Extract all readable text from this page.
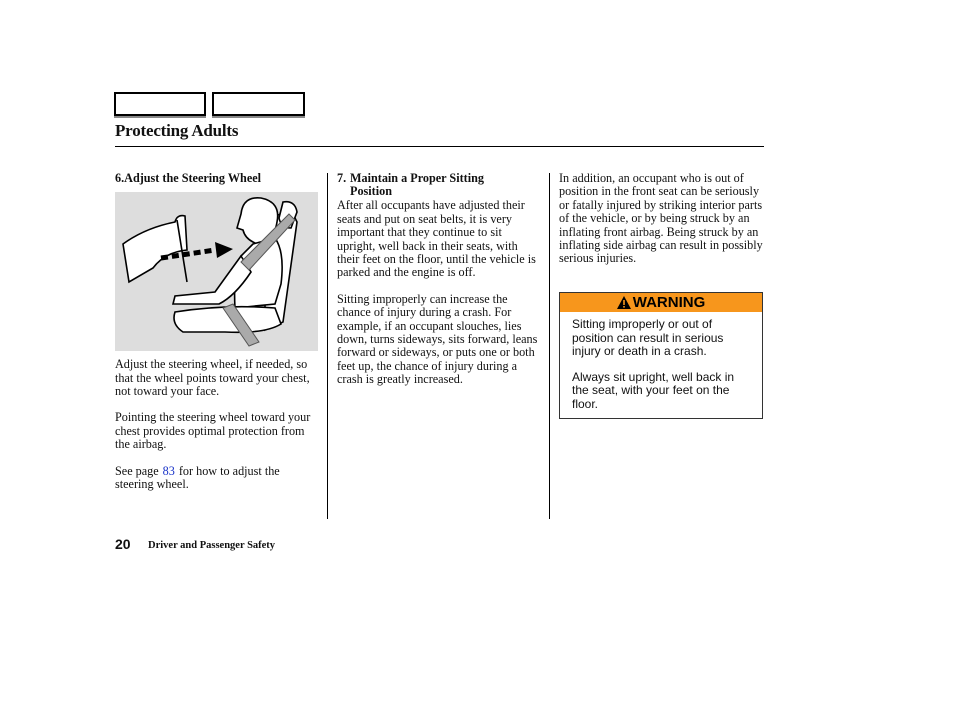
Protecting Adults
6.Adjust the Steering Wheel

Adjust the steering wheel, if needed, so that the wheel points toward your chest, not toward your face.

Pointing the steering wheel toward your chest provides optimal protection from the airbag.

See page 83 for how to adjust the steering wheel.

7. Maintain a Proper Sitting Position

After all occupants have adjusted their seats and put on seat belts, it is very important that they continue to sit upright, well back in their seats, with their feet on the floor, until the vehicle is parked and the engine is off.

Sitting improperly can increase the chance of injury during a crash. For example, if an occupant slouches, lies down, turns sideways, sits forward, leans forward or sideways, or puts one or both feet up, the chance of injury during a crash is greatly increased.

In addition, an occupant who is out of position in the front seat can be seriously or fatally injured by striking interior parts of the vehicle, or by being struck by an inflating front airbag. Being struck by an inflating side airbag can result in possibly serious injuries.

WARNING

Sitting improperly or out of position can result in serious injury or death in a crash.

Always sit upright, well back in the seat, with your feet on the floor.

20 Driver and Passenger Safety
